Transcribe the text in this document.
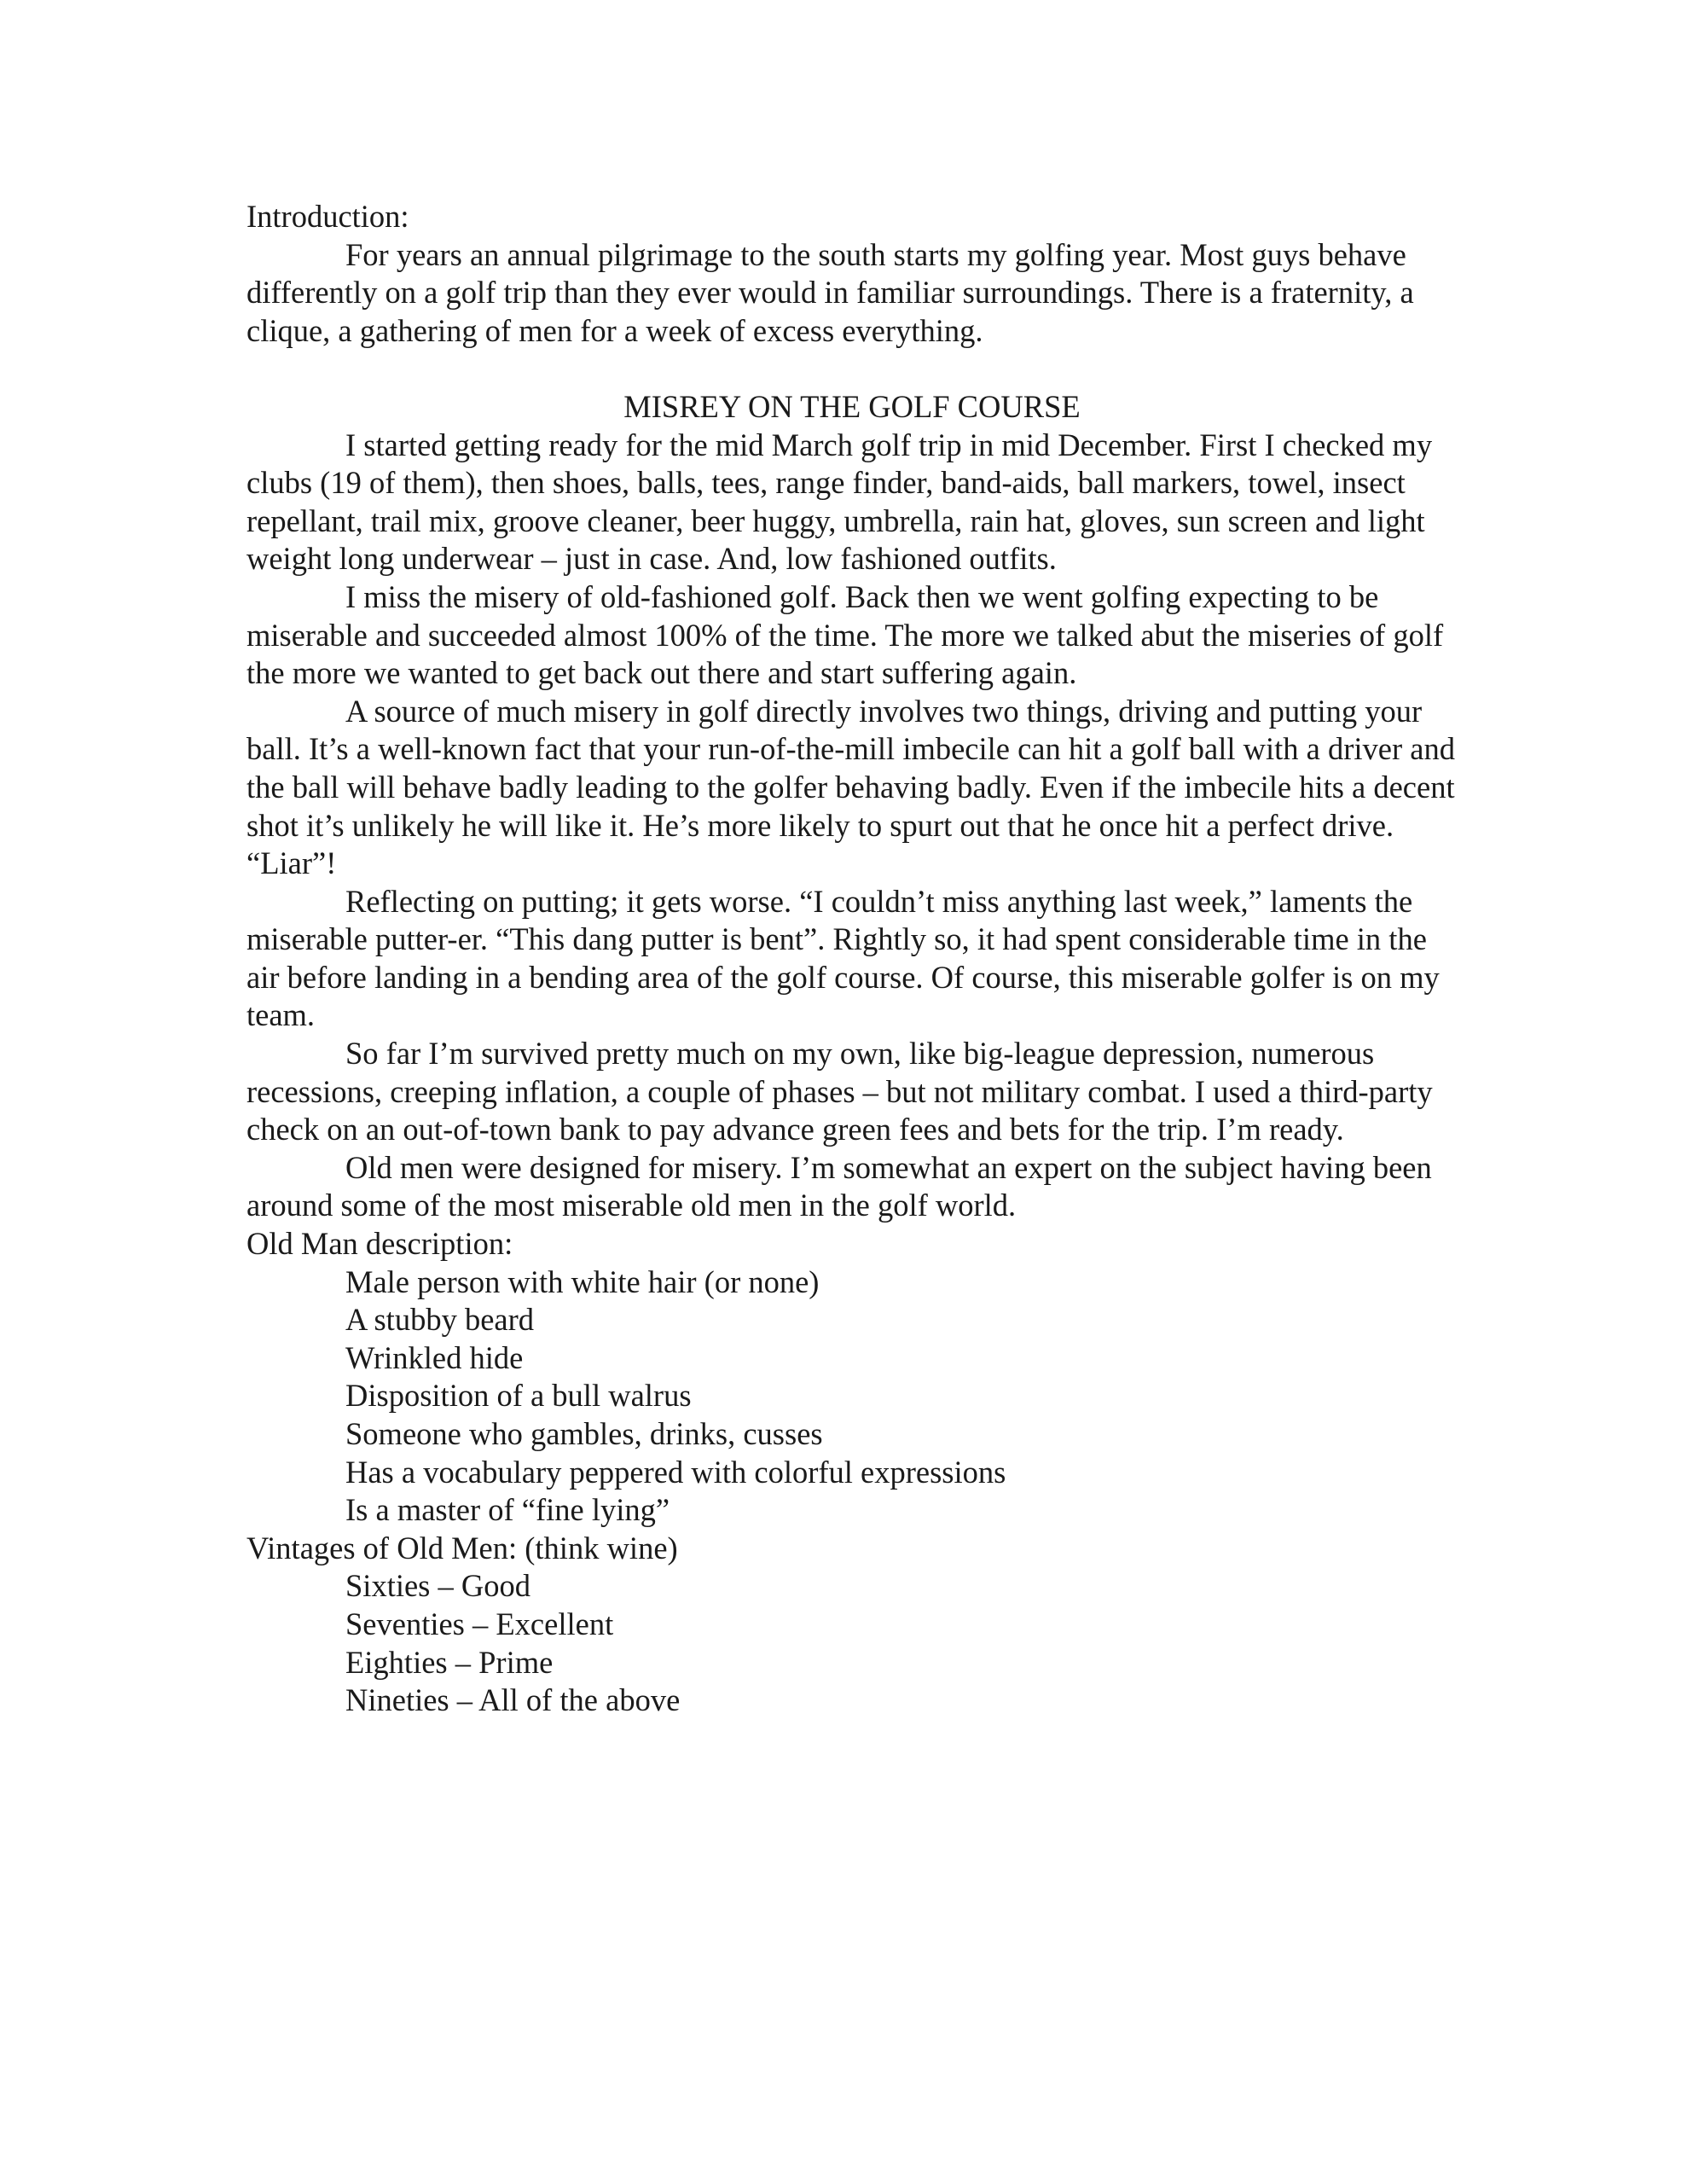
Introduction:

For years an annual pilgrimage to the south starts my golfing year. Most guys behave differently on a golf trip than they ever would in familiar surroundings. There is a fraternity, a clique, a gathering of men for a week of excess everything.

MISREY ON THE GOLF COURSE

I started getting ready for the mid March golf trip in mid December. First I checked my clubs (19 of them), then shoes, balls, tees, range finder, band-aids, ball markers, towel, insect repellant, trail mix, groove cleaner, beer huggy, umbrella, rain hat, gloves, sun screen and light weight long underwear – just in case. And, low fashioned outfits.

I miss the misery of old-fashioned golf. Back then we went golfing expecting to be miserable and succeeded almost 100% of the time. The more we talked abut the miseries of golf the more we wanted to get back out there and start suffering again.

A source of much misery in golf directly involves two things, driving and putting your ball. It’s a well-known fact that your run-of-the-mill imbecile can hit a golf ball with a driver and the ball will behave badly leading to the golfer behaving badly. Even if the imbecile hits a decent shot it’s unlikely he will like it. He’s more likely to spurt out that he once hit a perfect drive. “Liar”!

Reflecting on putting; it gets worse. “I couldn’t miss anything last week,” laments the miserable putter-er. “This dang putter is bent”. Rightly so, it had spent considerable time in the air before landing in a bending area of the golf course. Of course, this miserable golfer is on my team.

So far I’m survived pretty much on my own, like big-league depression, numerous recessions, creeping inflation, a couple of phases – but not military combat. I used a third-party check on an out-of-town bank to pay advance green fees and bets for the trip. I’m ready.

Old men were designed for misery. I’m somewhat an expert on the subject having been around some of the most miserable old men in the golf world.

Old Man description:

Male person with white hair (or none)
A stubby beard
Wrinkled hide
Disposition of a bull walrus
Someone who gambles, drinks, cusses
Has a vocabulary peppered with colorful expressions
Is a master of “fine lying”

Vintages of Old Men: (think wine)

Sixties – Good
Seventies – Excellent
Eighties – Prime
Nineties – All of the above
